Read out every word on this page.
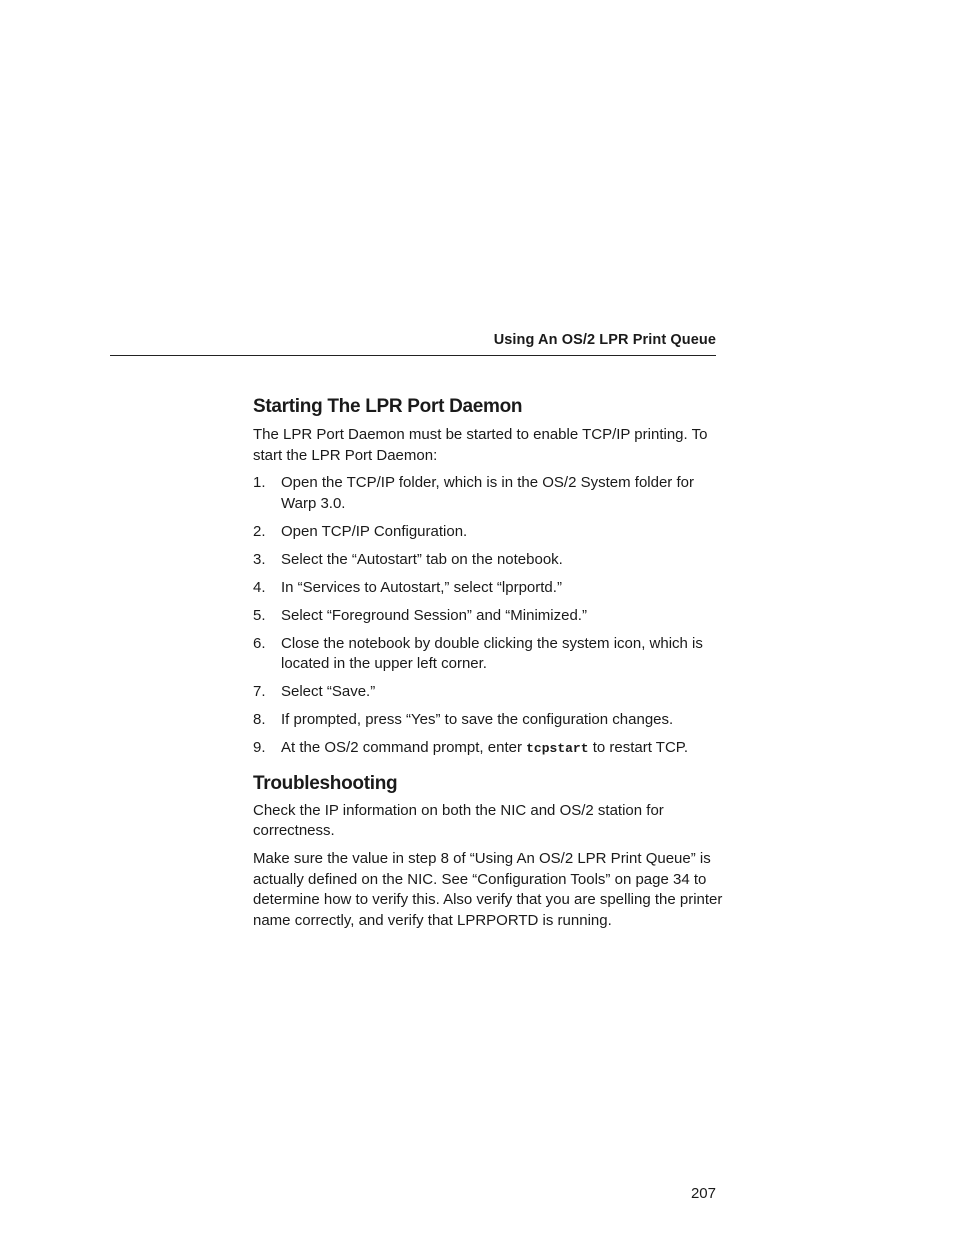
Using An OS/2 LPR Print Queue
Starting The LPR Port Daemon

The LPR Port Daemon must be started to enable TCP/IP printing. To start the LPR Port Daemon:

1. Open the TCP/IP folder, which is in the OS/2 System folder for Warp 3.0.
2. Open TCP/IP Configuration.
3. Select the “Autostart” tab on the notebook.
4. In “Services to Autostart,” select “lprportd.”
5. Select “Foreground Session” and “Minimized.”
6. Close the notebook by double clicking the system icon, which is located in the upper left corner.
7. Select “Save.”
8. If prompted, press “Yes” to save the configuration changes.
9. At the OS/2 command prompt, enter tcpstart to restart TCP.
Troubleshooting

Check the IP information on both the NIC and OS/2 station for correctness.

Make sure the value in step 8 of “Using An OS/2 LPR Print Queue” is actually defined on the NIC. See “Configuration Tools” on page 34 to determine how to verify this. Also verify that you are spelling the printer name correctly, and verify that LPRPORTD is running.

207
